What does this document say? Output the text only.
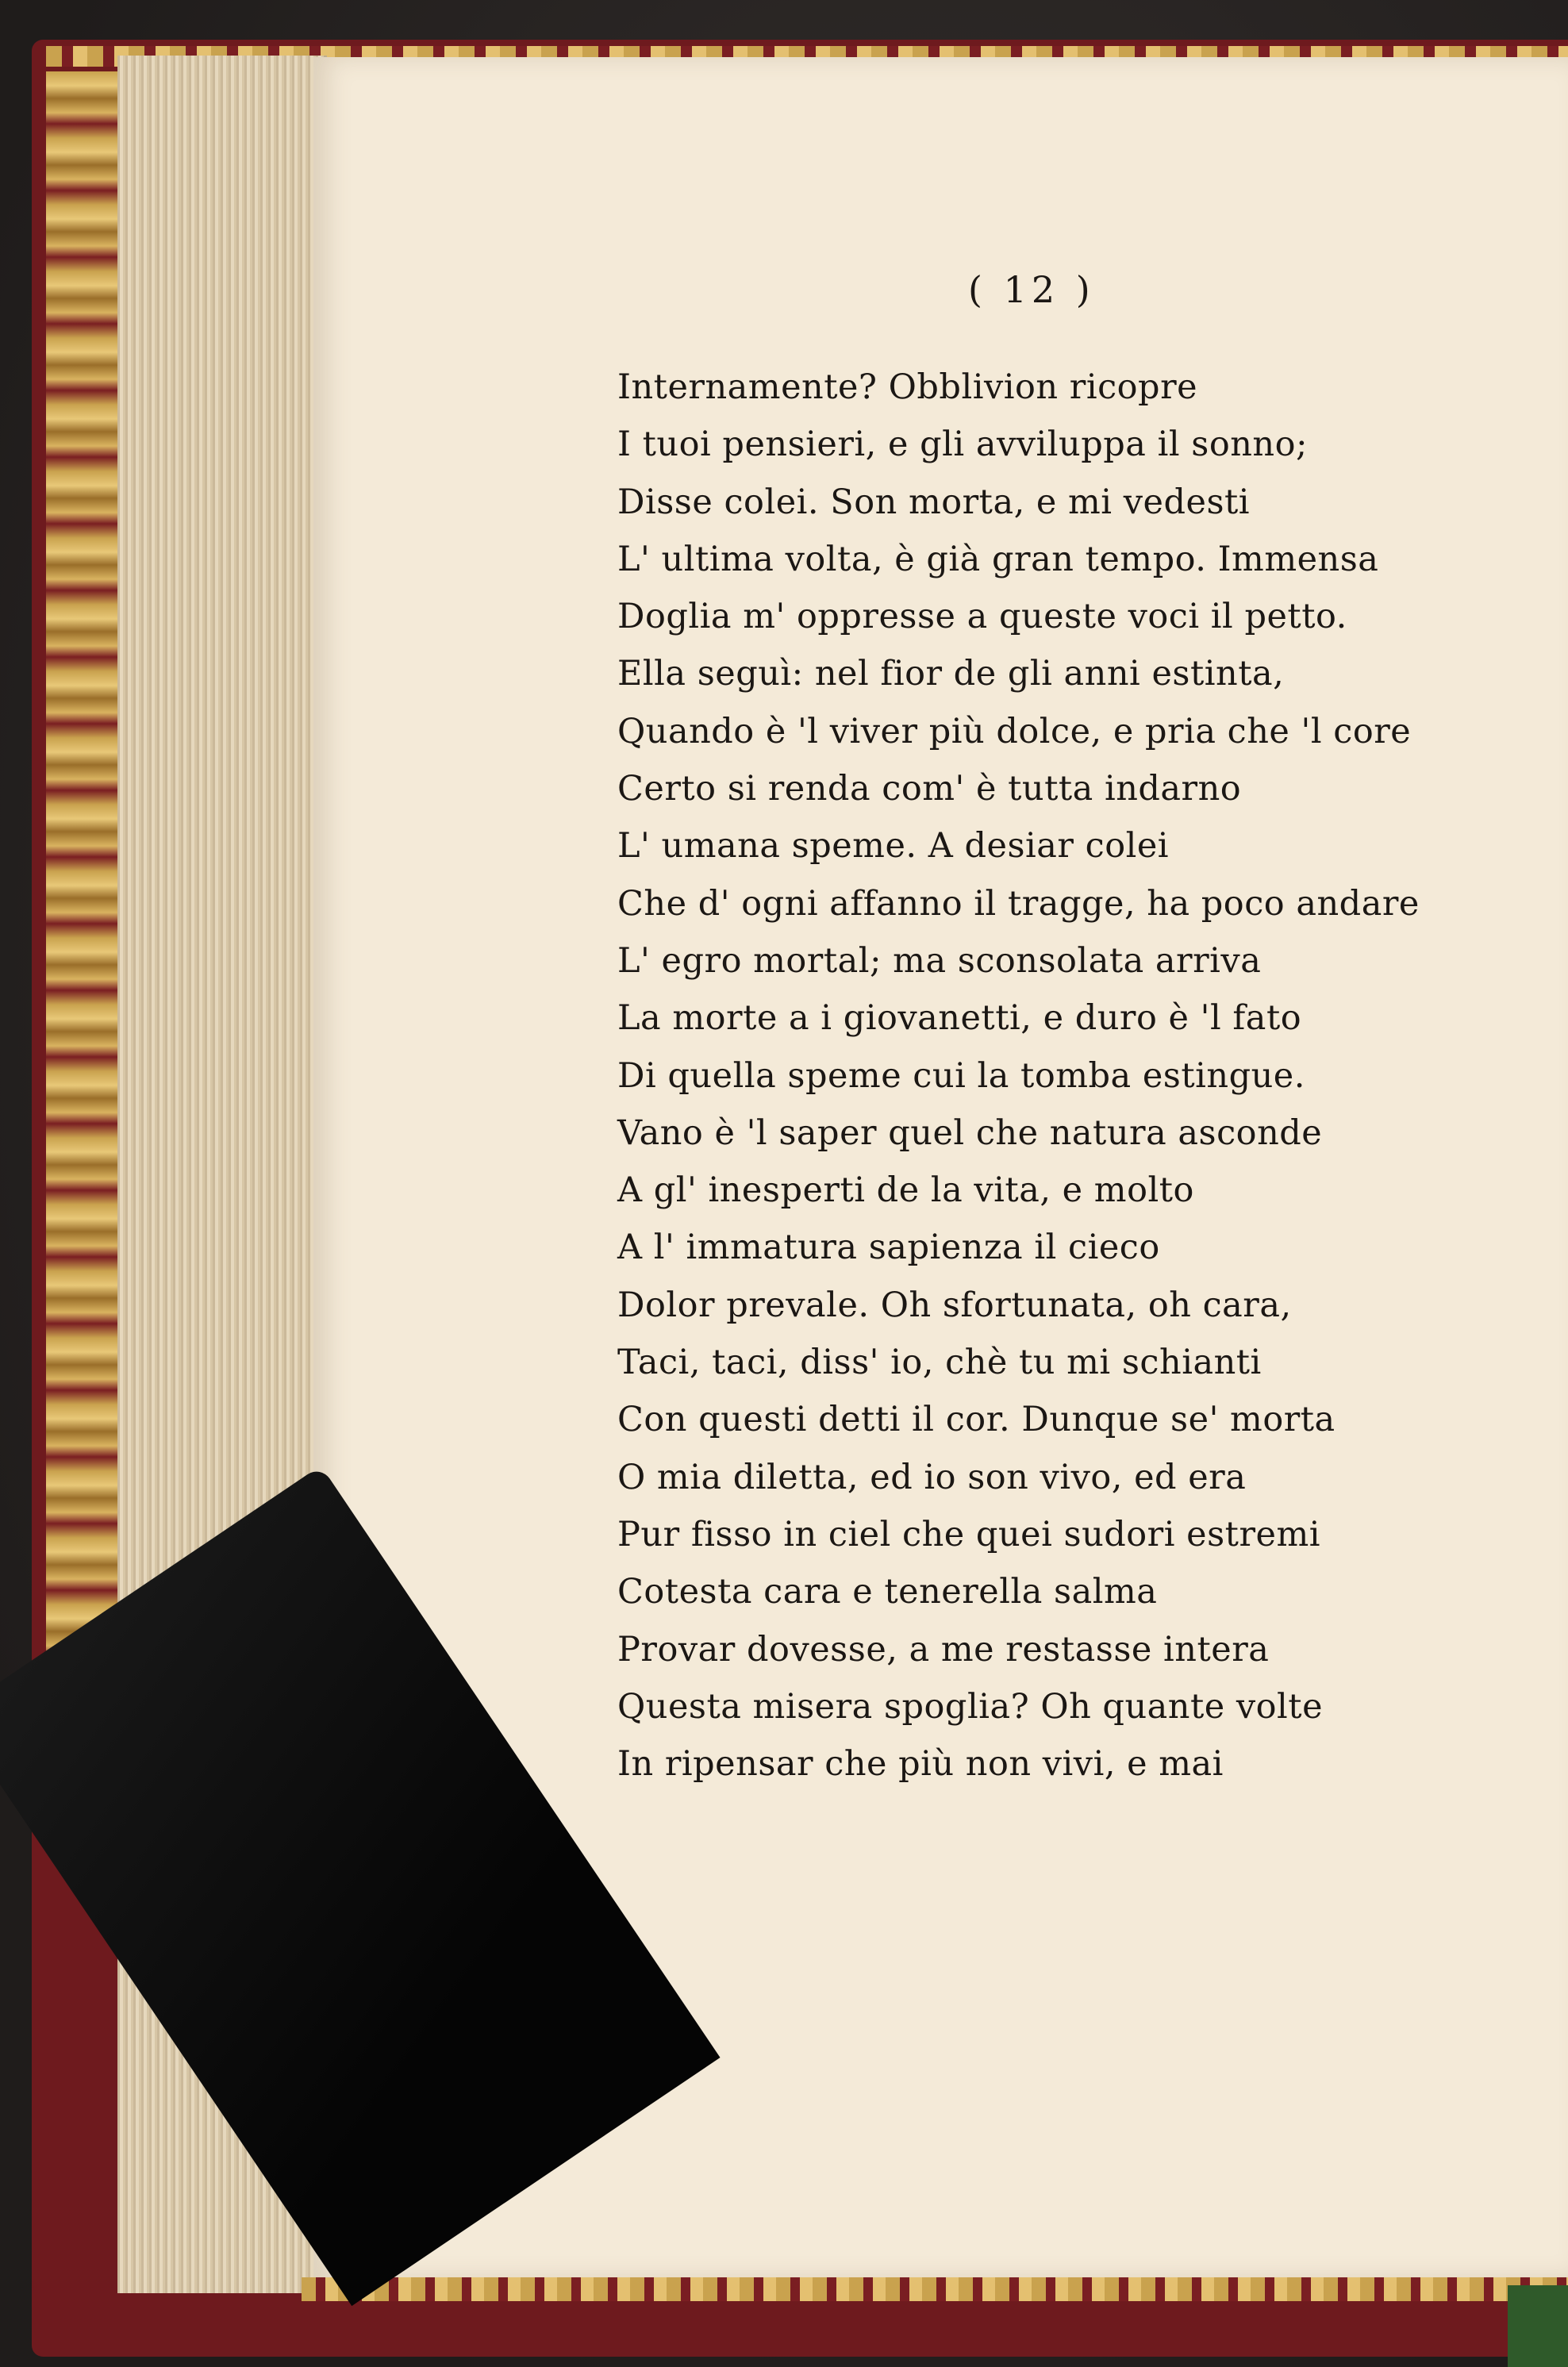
( 12 )
Internamente? Obblivion ricopre
I tuoi pensieri, e gli avviluppa il sonno;
Disse colei. Son morta, e mi vedesti
L' ultima volta, è già gran tempo. Immensa
Doglia m' oppresse a queste voci il petto.
Ella seguì: nel fior de gli anni estinta,
Quando è 'l viver più dolce, e pria che 'l core
Certo si renda com' è tutta indarno
L' umana speme. A desiar colei
Che d' ogni affanno il tragge, ha poco andare
L' egro mortal; ma sconsolata arriva
La morte a i giovanetti, e duro è 'l fato
Di quella speme cui la tomba estingue.
Vano è 'l saper quel che natura asconde
A gl' inesperti de la vita, e molto
A l' immatura sapienza il cieco
Dolor prevale. Oh sfortunata, oh cara,
Taci, taci, diss' io, chè tu mi schianti
Con questi detti il cor. Dunque se' morta
O mia diletta, ed io son vivo, ed era
Pur fisso in ciel che quei sudori estremi
Cotesta cara e tenerella salma
Provar dovesse, a me restasse intera
Questa misera spoglia? Oh quante volte
In ripensar che più non vivi, e mai
